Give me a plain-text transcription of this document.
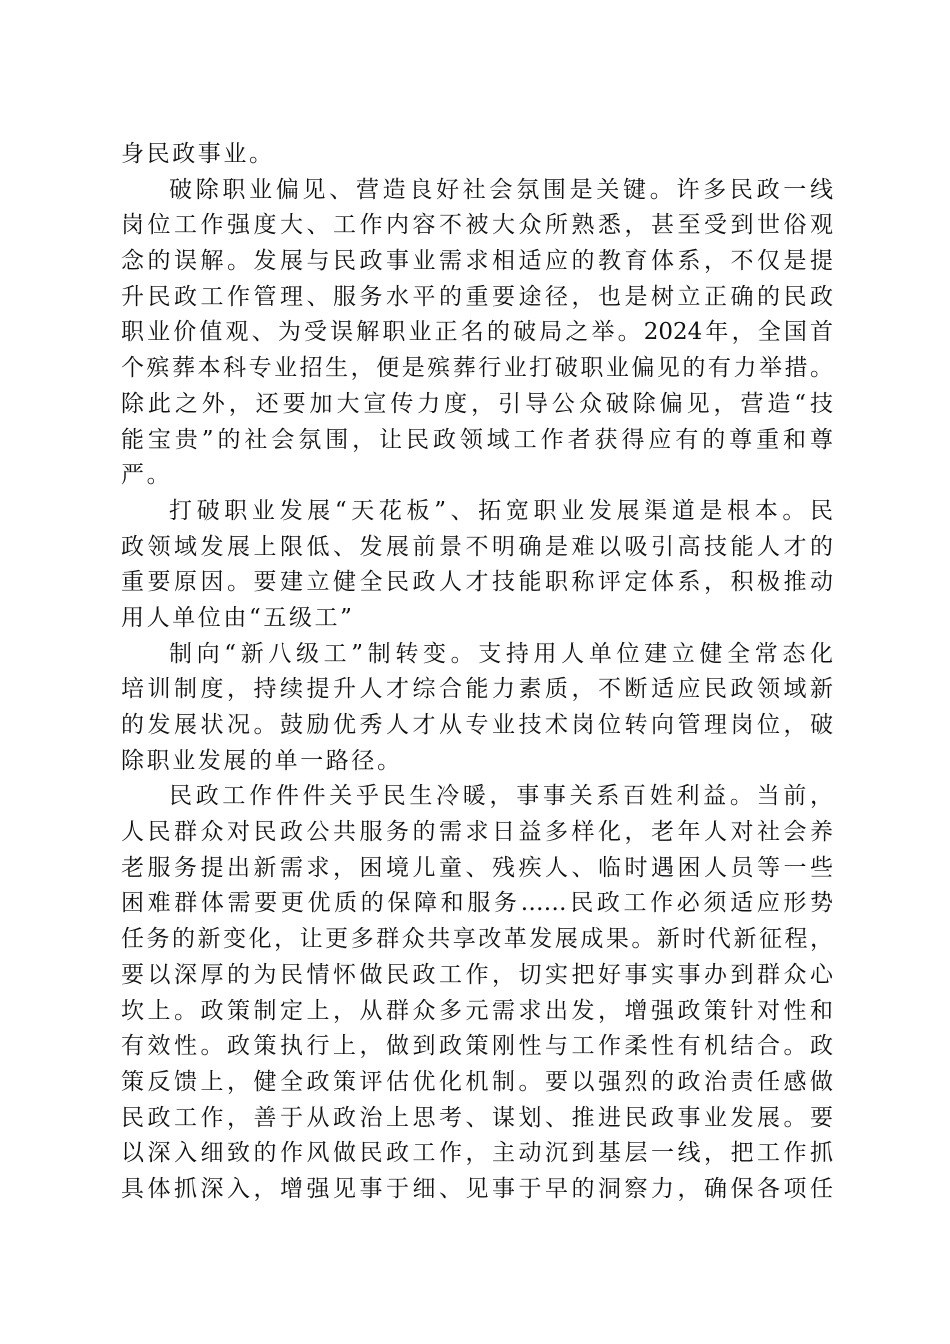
身民政事业。
破除职业偏见、营造良好社会氛围是关键。许多民政一线
岗位工作强度大、工作内容不被大众所熟悉，甚至受到世俗观
念的误解。发展与民政事业需求相适应的教育体系，不仅是提
升民政工作管理、服务水平的重要途径，也是树立正确的民政
职业价值观、为受误解职业正名的破局之举。2024年，全国首
个殡葬本科专业招生，便是殡葬行业打破职业偏见的有力举措。
除此之外，还要加大宣传力度，引导公众破除偏见，营造“技
能宝贵”的社会氛围，让民政领域工作者获得应有的尊重和尊
严。
打破职业发展“天花板”、拓宽职业发展渠道是根本。民
政领域发展上限低、发展前景不明确是难以吸引高技能人才的
重要原因。要建立健全民政人才技能职称评定体系，积极推动
用人单位由“五级工”
制向“新八级工”制转变。支持用人单位建立健全常态化
培训制度，持续提升人才综合能力素质，不断适应民政领域新
的发展状况。鼓励优秀人才从专业技术岗位转向管理岗位，破
除职业发展的单一路径。
民政工作件件关乎民生冷暖，事事关系百姓利益。当前，
人民群众对民政公共服务的需求日益多样化，老年人对社会养
老服务提出新需求，困境儿童、残疾人、临时遇困人员等一些
困难群体需要更优质的保障和服务……民政工作必须适应形势
任务的新变化，让更多群众共享改革发展成果。新时代新征程，
要以深厚的为民情怀做民政工作，切实把好事实事办到群众心
坎上。政策制定上，从群众多元需求出发，增强政策针对性和
有效性。政策执行上，做到政策刚性与工作柔性有机结合。政
策反馈上，健全政策评估优化机制。要以强烈的政治责任感做
民政工作，善于从政治上思考、谋划、推进民政事业发展。要
以深入细致的作风做民政工作，主动沉到基层一线，把工作抓
具体抓深入，增强见事于细、见事于早的洞察力，确保各项任
